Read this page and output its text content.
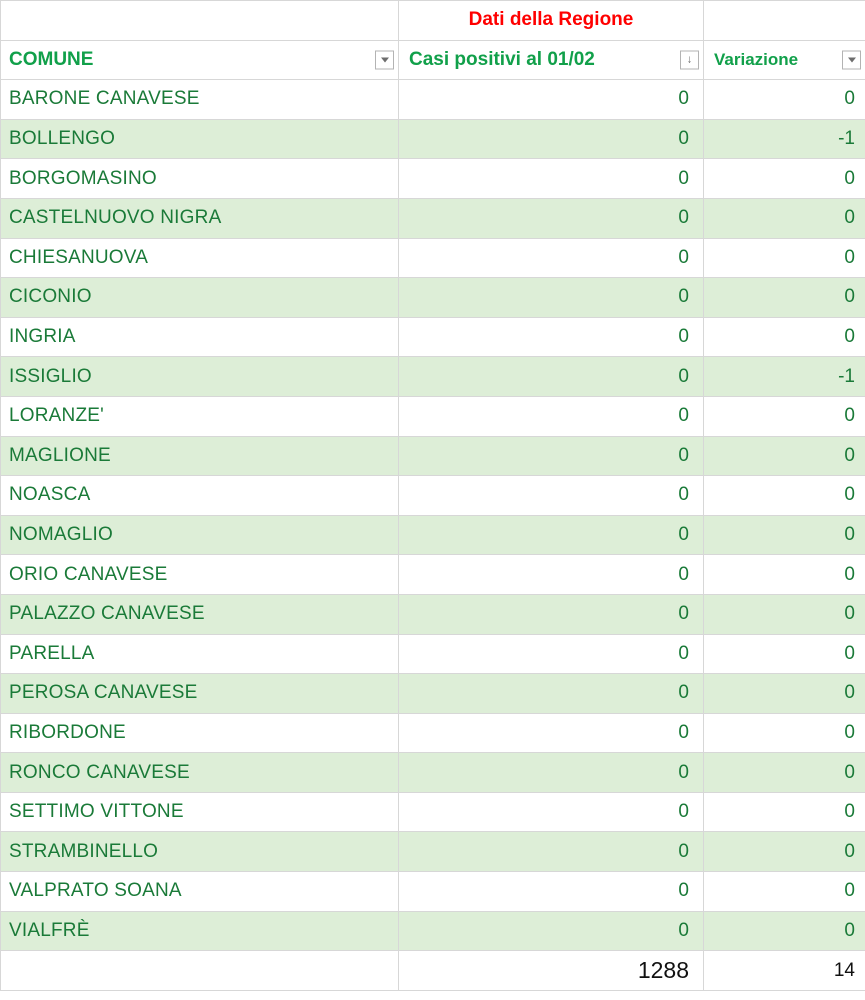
	Dati della Regione	
COMUNE	Casi positivi al 01/02 ↓	Variazione

BARONE CANAVESE	0	0
BOLLENGO	0	-1
BORGOMASINO	0	0
CASTELNUOVO NIGRA	0	0
CHIESANUOVA	0	0
CICONIO	0	0
INGRIA	0	0
ISSIGLIO	0	-1
LORANZE'	0	0
MAGLIONE	0	0
NOASCA	0	0
NOMAGLIO	0	0
ORIO CANAVESE	0	0
PALAZZO CANAVESE	0	0
PARELLA	0	0
PEROSA CANAVESE	0	0
RIBORDONE	0	0
RONCO CANAVESE	0	0
SETTIMO VITTONE	0	0
STRAMBINELLO	0	0
VALPRATO SOANA	0	0
VIALFRÈ	0	0
	1288	14
